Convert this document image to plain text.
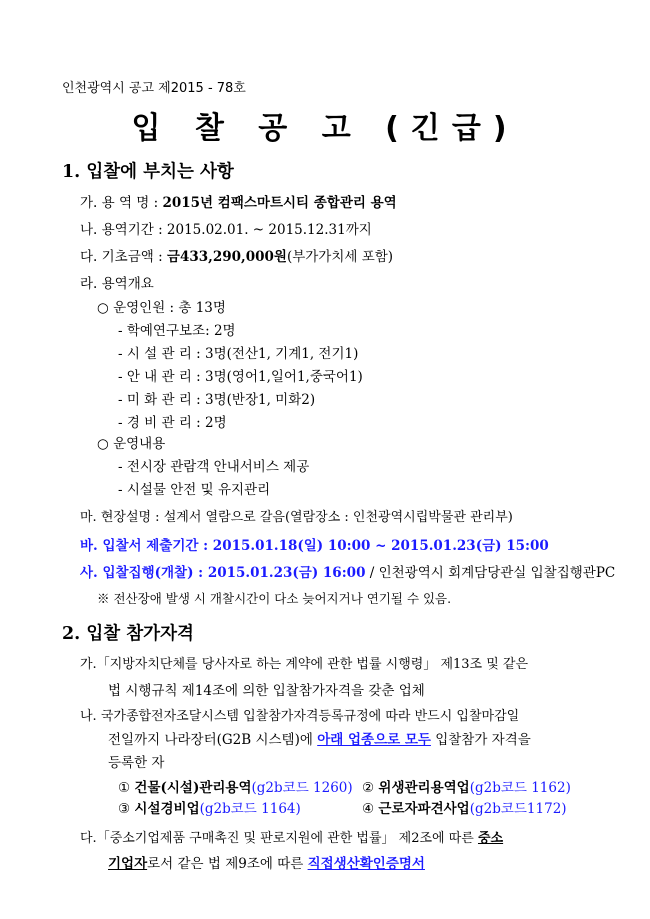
인천광역시 공고 제2015 - 78호
입 찰 공 고 (긴급)
1. 입찰에 부치는 사항
가. 용 역 명 : 2015년 컴팩스마트시티 종합관리 용역
나. 용역기간 : 2015.02.01. ~ 2015.12.31까지
다. 기초금액 : 금433,290,000원(부가가치세 포함)
라. 용역개요
○ 운영인원 : 총 13명
- 학예연구보조: 2명
- 시 설 관 리 : 3명(전산1, 기계1, 전기1)
- 안 내 관 리 : 3명(영어1,일어1,중국어1)
- 미 화 관 리 : 3명(반장1, 미화2)
- 경 비 관 리 : 2명
○ 운영내용
- 전시장 관람객 안내서비스 제공
- 시설물 안전 및 유지관리
마. 현장설명 : 설계서 열람으로 갈음(열람장소 : 인천광역시립박물관 관리부)
바. 입찰서 제출기간 : 2015.01.18(일) 10:00 ~ 2015.01.23(금) 15:00
사. 입찰집행(개찰) : 2015.01.23(금) 16:00 / 인천광역시 회계담당관실 입찰집행관PC
※ 전산장애 발생 시 개찰시간이 다소 늦어지거나 연기될 수 있음.
2. 입찰 참가자격
가.「지방자치단체를 당사자로 하는 계약에 관한 법률 시행령」 제13조 및 같은
법 시행규칙 제14조에 의한 입찰참가자격을 갖춘 업체
나. 국가종합전자조달시스템 입찰참가자격등록규정에 따라 반드시 입찰마감일
전일까지 나라장터(G2B 시스템)에 아래 업종으로 모두 입찰참가 자격을
등록한 자
① 건물(시설)관리용역(g2b코드 1260) ② 위생관리용역업(g2b코드 1162)
③ 시설경비업(g2b코드 1164)	④ 근로자파견사업(g2b코드1172)
다.「중소기업제품 구매촉진 및 판로지원에 관한 법률」 제2조에 따른 중소
기업자로서 같은 법 제9조에 따른 직접생산확인증명서
